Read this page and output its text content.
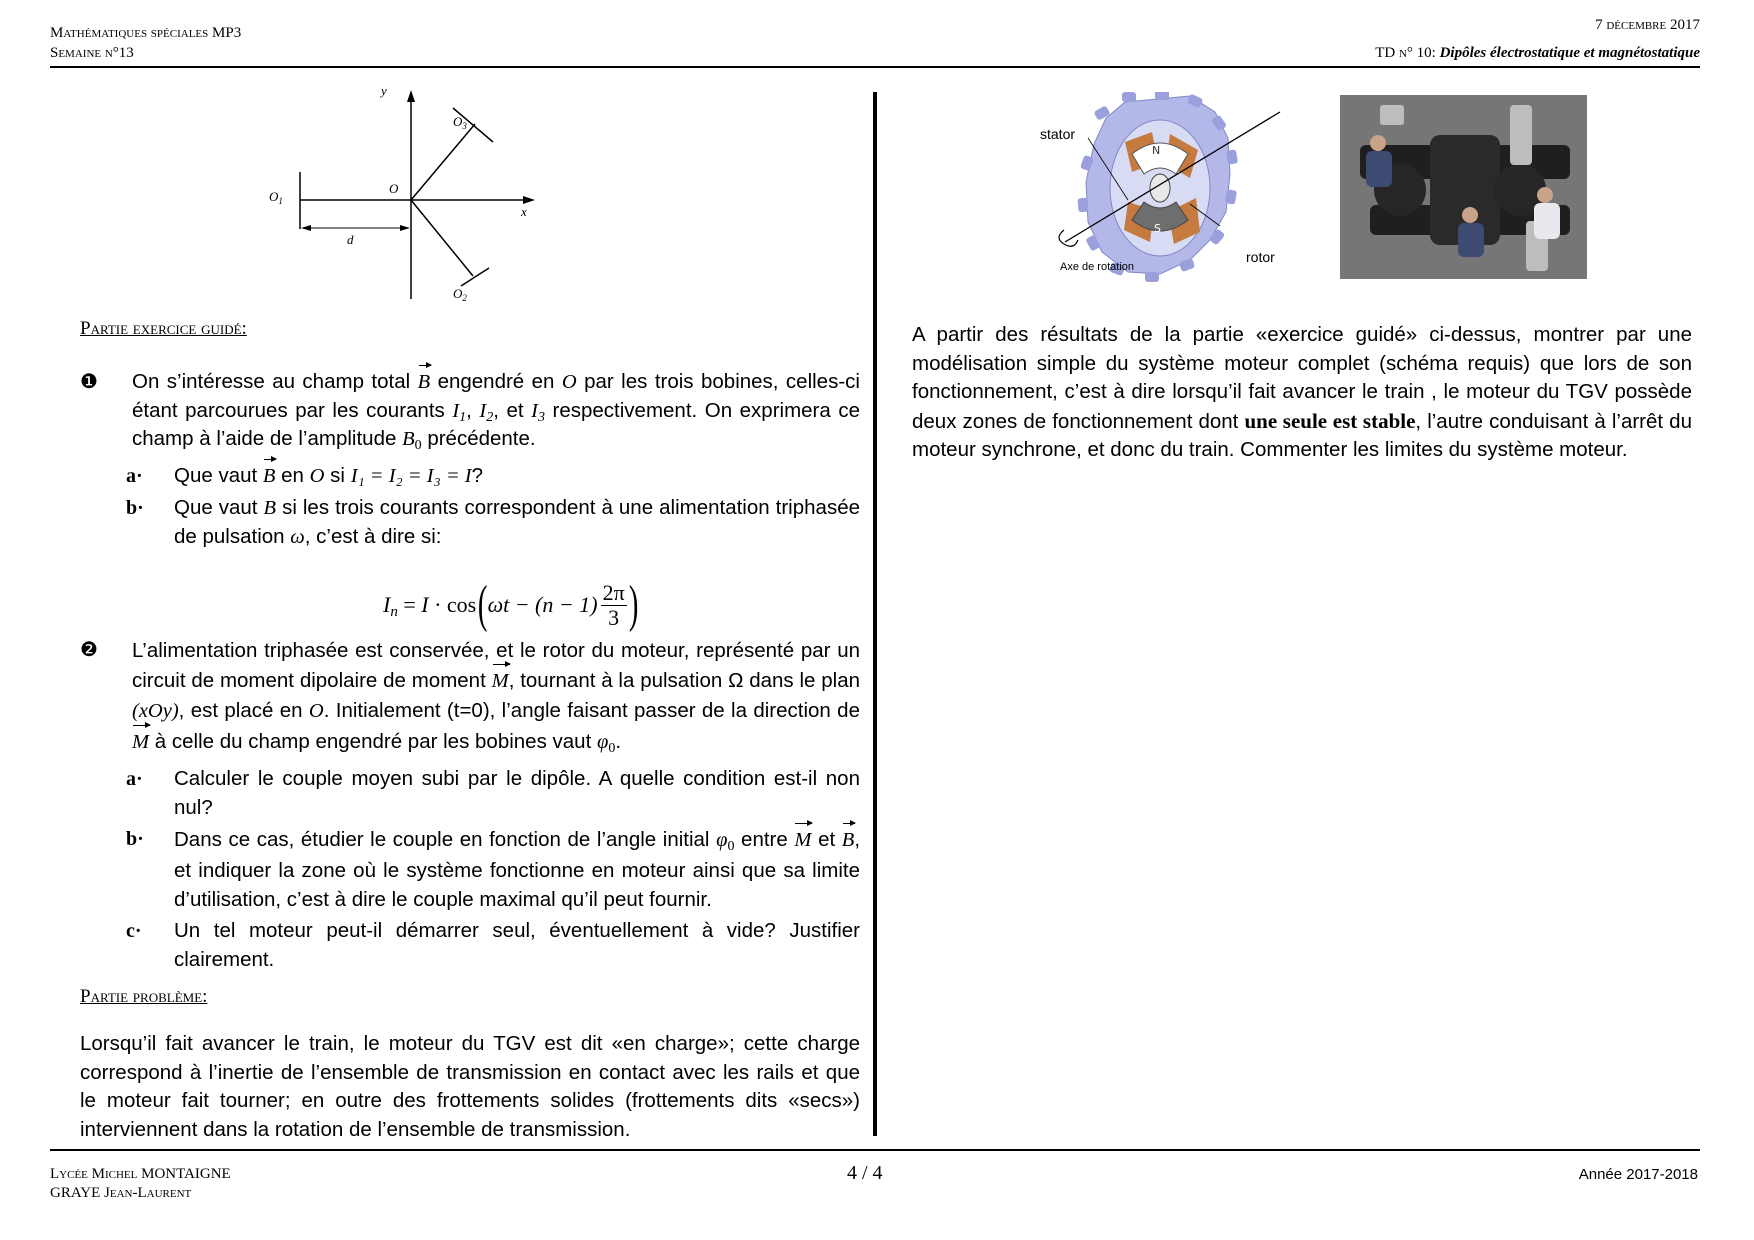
Mathématiques spéciales MP3
Semaine n°13
7 décembre 2017
TD n° 10: Dipôles électrostatique et magnétostatique
y
x
O
$O_1$
$O_3$
$O_2$
d
Partie exercice guidé:
❶ On s’intéresse au champ total B engendré en O par les trois bobines, celles-ci étant parcourues par les courants $I_1$, $I_2$, et $I_3$ respectivement. On exprimera ce champ à l’aide de l’amplitude $B_0$ précédente.
a· Que vaut B en O si I₁ = I₂ = I₃ = I?
b· Que vaut B si les trois courants correspondent à une alimentation triphasée de pulsation ω, c’est à dire si:
$I_n = I \cdot \cos$ ( $\omega t - (n - 1) \frac{2\pi}{3}$ )
❷ L’alimentation triphasée est conservée, et le rotor du moteur, représenté par un circuit de moment dipolaire de moment M, tournant à la pulsation Ω dans le plan (xOy), est placé en O. Initialement (t=0), l’angle faisant passer de la direction de M à celle du champ engendré par les bobines vaut $\varphi_0$.
a· Calculer le couple moyen subi par le dipôle. A quelle condition est-il non nul?
b· Dans ce cas, étudier le couple en fonction de l’angle initial $\varphi_0$ entre M et B, et indiquer la zone où le système fonctionne en moteur ainsi que sa limite d’utilisation, c’est à dire le couple maximal qu’il peut fournir.
c· Un tel moteur peut-il démarrer seul, éventuellement à vide? Justifier clairement.
Partie problème:
Lorsqu’il fait avancer le train, le moteur du TGV est dit «en charge»; cette charge correspond à l’inertie de l’ensemble de transmission en contact avec les rails et que le moteur fait tourner; en outre des frottements solides (frottements dits «secs») interviennent dans la rotation de l’ensemble de transmission.
N
S
stator
rotor
Axe de rotation
A partir des résultats de la partie «exercice guidé» ci-dessus, montrer par une modélisation simple du système moteur complet (schéma requis) que lors de son fonctionnement, c’est à dire lorsqu’il fait avancer le train , le moteur du TGV possède deux zones de fonctionnement dont une seule est stable, l’autre conduisant à l’arrêt du moteur synchrone, et donc du train. Commenter les limites du système moteur.
Lycée Michel MONTAIGNE
GRAYE Jean-Laurent
4 / 4	Année 2017-2018
